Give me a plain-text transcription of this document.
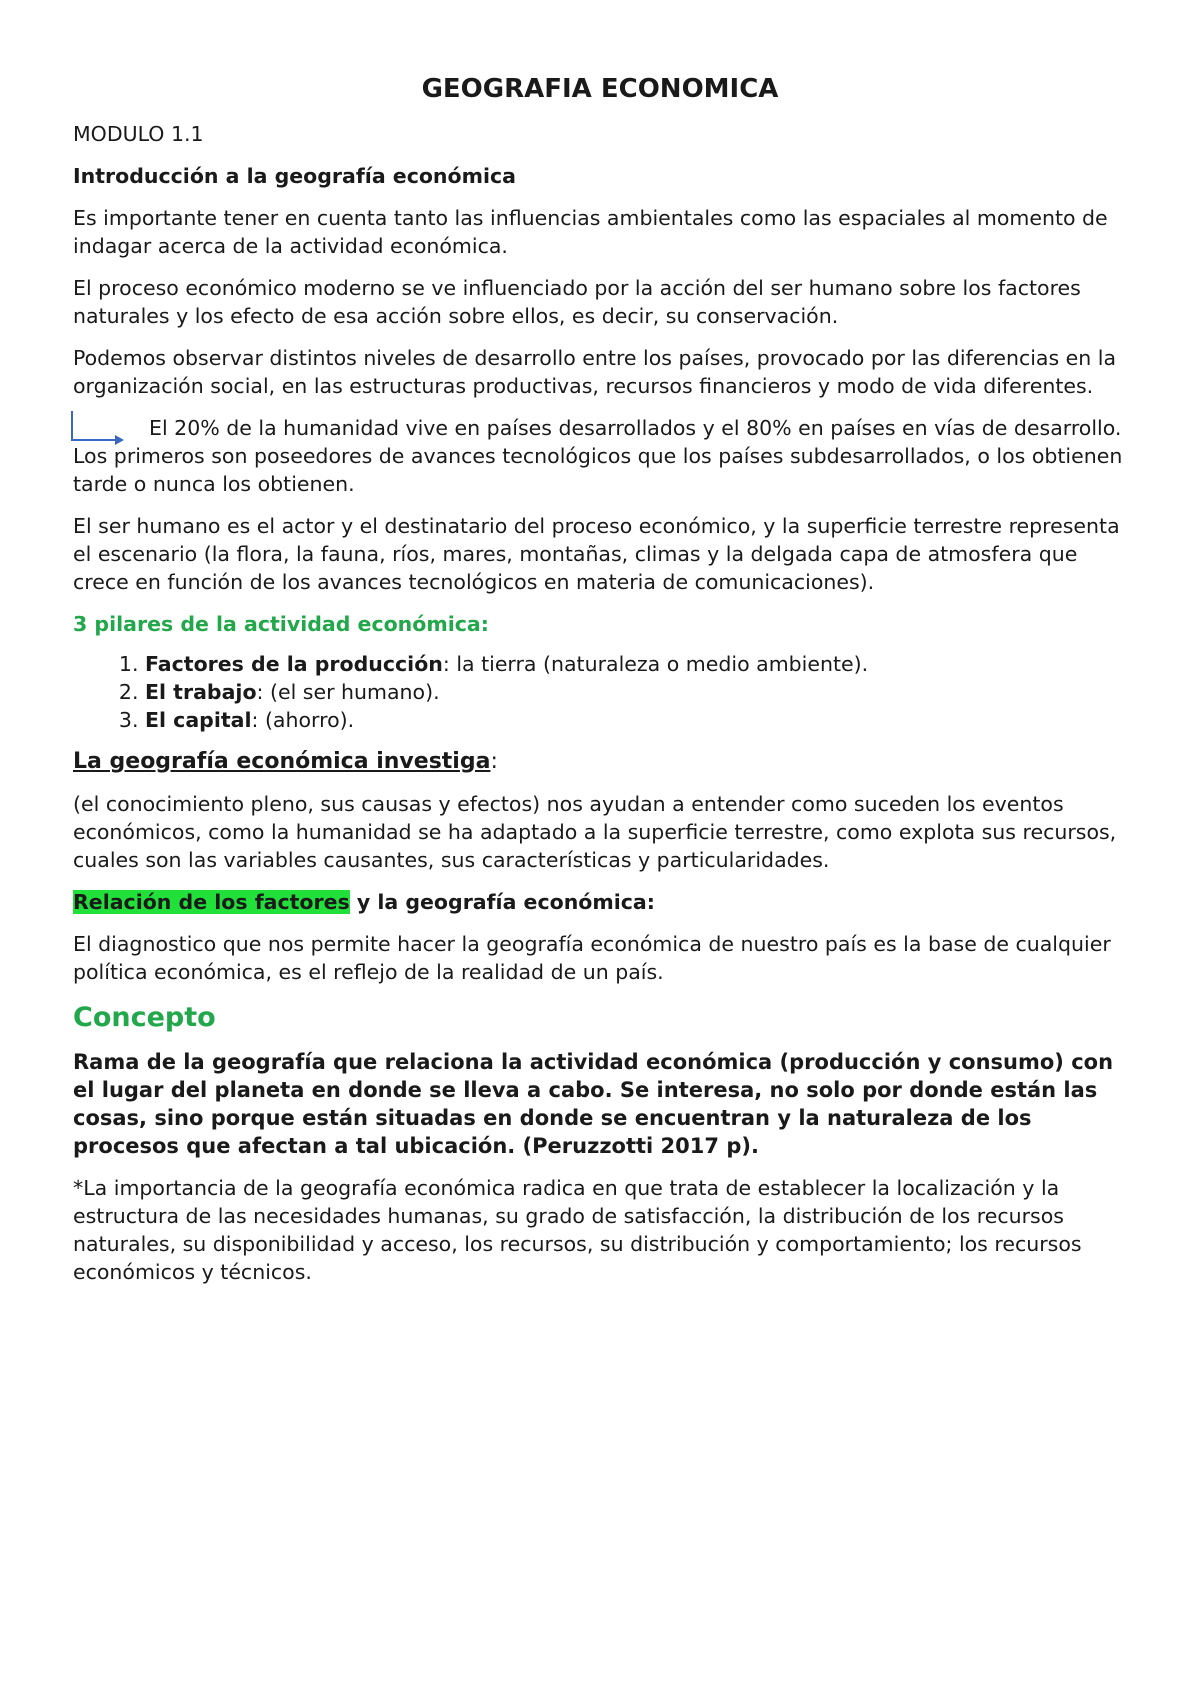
GEOGRAFIA ECONOMICA

MODULO 1.1

Introducción a la geografía económica

Es importante tener en cuenta tanto las influencias ambientales como las espaciales al momento de indagar acerca de la actividad económica.

El proceso económico moderno se ve influenciado por la acción del ser humano sobre los factores naturales y los efecto de esa acción sobre ellos, es decir, su conservación.

Podemos observar distintos niveles de desarrollo entre los países, provocado por las diferencias en la organización social, en las estructuras productivas, recursos financieros y modo de vida diferentes.

El 20% de la humanidad vive en países desarrollados y el 80% en países en vías de desarrollo. Los primeros son poseedores de avances tecnológicos que los países subdesarrollados, o los obtienen tarde o nunca los obtienen.

El ser humano es el actor y el destinatario del proceso económico, y la superficie terrestre representa el escenario (la flora, la fauna, ríos, mares, montañas, climas y la delgada capa de atmosfera que crece en función de los avances tecnológicos en materia de comunicaciones).

3 pilares de la actividad económica:

1. Factores de la producción: la tierra (naturaleza o medio ambiente).
2. El trabajo: (el ser humano).
3. El capital: (ahorro).

La geografía económica investiga:

(el conocimiento pleno, sus causas y efectos) nos ayudan a entender como suceden los eventos económicos, como la humanidad se ha adaptado a la superficie terrestre, como explota sus recursos, cuales son las variables causantes, sus características y particularidades.

Relación de los factores y la geografía económica:

El diagnostico que nos permite hacer la geografía económica de nuestro país es la base de cualquier política económica, es el reflejo de la realidad de un país.

Concepto

Rama de la geografía que relaciona la actividad económica (producción y consumo) con el lugar del planeta en donde se lleva a cabo. Se interesa, no solo por donde están las cosas, sino porque están situadas en donde se encuentran y la naturaleza de los procesos que afectan a tal ubicación. (Peruzzotti 2017 p).

*La importancia de la geografía económica radica en que trata de establecer la localización y la estructura de las necesidades humanas, su grado de satisfacción, la distribución de los recursos naturales, su disponibilidad y acceso, los recursos, su distribución y comportamiento; los recursos económicos y técnicos.
